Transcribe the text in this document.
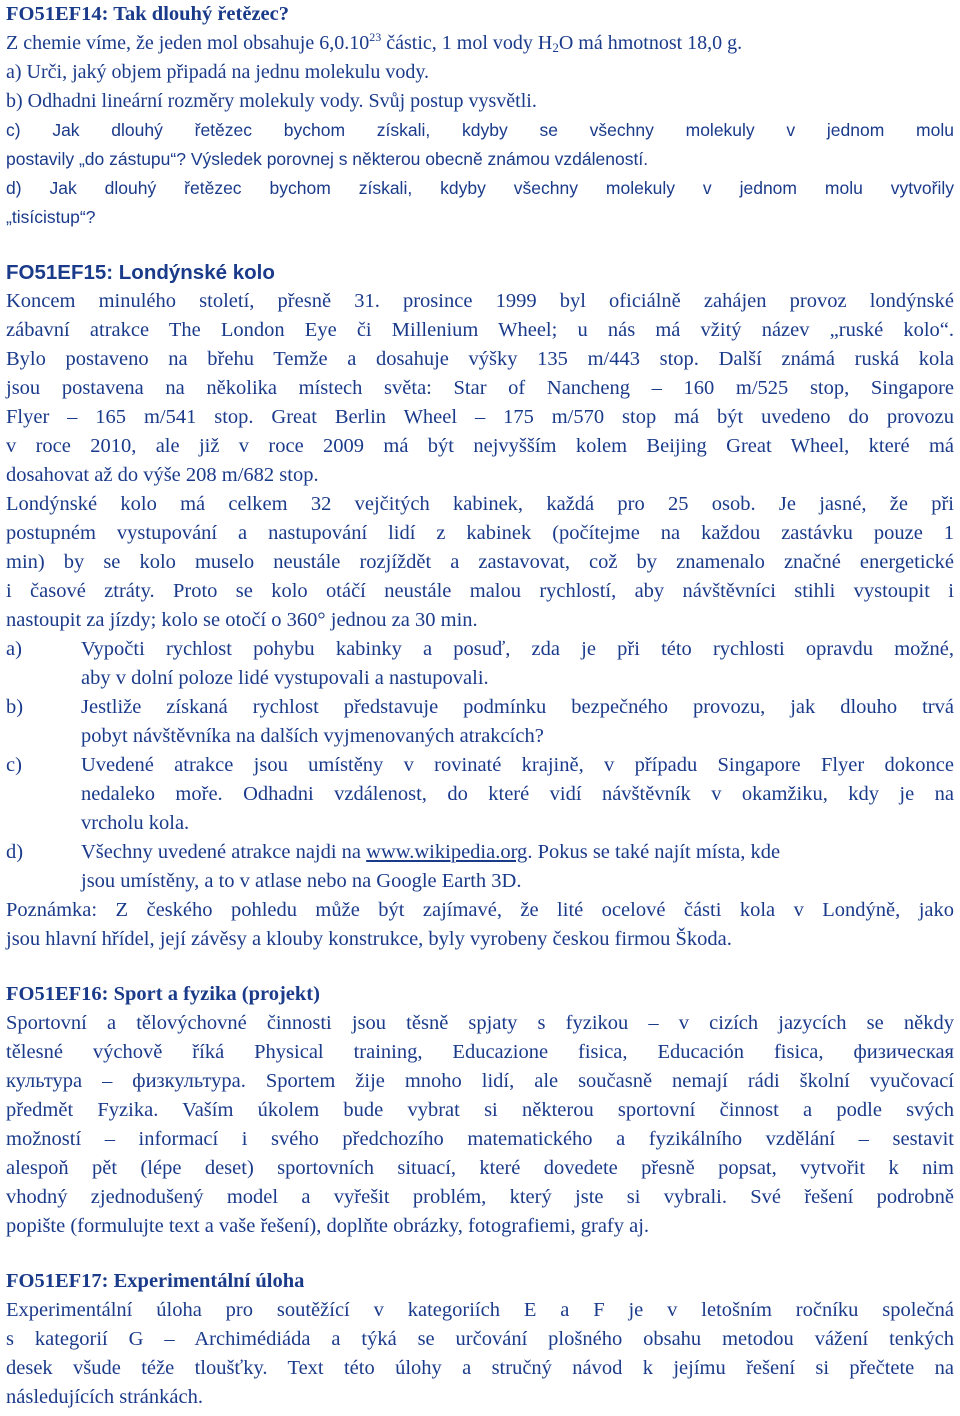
FO51EF14: Tak dlouhý řetězec?
Z chemie víme, že jeden mol obsahuje 6,0.10$^{23}$ částic, 1 mol vody $H_2O$ má hmotnost 18,0 g.
a) Urči, jaký objem připadá na jednu molekulu vody.
b) Odhadni lineární rozměry molekuly vody. Svůj postup vysvětli.
c) Jak dlouhý řetězec bychom získali, kdyby se všechny molekuly v jednom molu
postavily „do zástupu“? Výsledek porovnej s některou obecně známou vzdáleností.
d) Jak dlouhý řetězec bychom získali, kdyby všechny molekuly v jednom molu vytvořily
„tisícistup“?
FO51EF15: Londýnské kolo
Koncem minulého století, přesně 31. prosince 1999 byl oficiálně zahájen provoz londýnské
zábavní atrakce The London Eye či Millenium Wheel; u nás má vžitý název „ruské kolo“.
Bylo postaveno na břehu Temže a dosahuje výšky 135 m/443 stop. Další známá ruská kola
jsou postavena na několika místech světa: Star of Nancheng – 160 m/525 stop, Singapore
Flyer – 165 m/541 stop. Great Berlin Wheel – 175 m/570 stop má být uvedeno do provozu
v roce 2010, ale již v roce 2009 má být nejvyšším kolem Beijing Great Wheel, které má
dosahovat až do výše 208 m/682 stop.
Londýnské kolo má celkem 32 vejčitých kabinek, každá pro 25 osob. Je jasné, že při
postupném vystupování a nastupování lidí z kabinek (počítejme na každou zastávku pouze 1
min) by se kolo muselo neustále rozjíždět a zastavovat, což by znamenalo značné energetické
i časové ztráty. Proto se kolo otáčí neustále malou rychlostí, aby návštěvníci stihli vystoupit i
nastoupit za jízdy; kolo se otočí o 360° jednou za 30 min.
a)	Vypočti rychlost pohybu kabinky a posuď, zda je při této rychlosti opravdu možné,
aby v dolní poloze lidé vystupovali a nastupovali.
b)	Jestliže získaná rychlost představuje podmínku bezpečného provozu, jak dlouho trvá
pobyt návštěvníka na dalších vyjmenovaných atrakcích?
c)	Uvedené atrakce jsou umístěny v rovinaté krajině, v případu Singapore Flyer dokonce
nedaleko moře. Odhadni vzdálenost, do které vidí návštěvník v okamžiku, kdy je na
vrcholu kola.
d)	Všechny uvedené atrakce najdi na www.wikipedia.org. Pokus se také najít místa, kde
jsou umístěny, a to v atlase nebo na Google Earth 3D.
Poznámka: Z českého pohledu může být zajímavé, že lité ocelové části kola v Londýně, jako
jsou hlavní hřídel, její závěsy a klouby konstrukce, byly vyrobeny českou firmou Škoda.
FO51EF16: Sport a fyzika (projekt)
Sportovní a tělovýchovné činnosti jsou těsně spjaty s fyzikou – v cizích jazycích se někdy
tělesné výchově říká Physical training, Educazione fisica, Educación fisica, физическая
культура – физкультура. Sportem žije mnoho lidí, ale současně nemají rádi školní vyučovací
předmět Fyzika. Vaším úkolem bude vybrat si některou sportovní činnost a podle svých
možností – informací i svého předchozího matematického a fyzikálního vzdělání – sestavit
alespoň pět (lépe deset) sportovních situací, které dovedete přesně popsat, vytvořit k nim
vhodný zjednodušený model a vyřešit problém, který jste si vybrali. Své řešení podrobně
popište (formulujte text a vaše řešení), doplňte obrázky, fotografiemi, grafy aj.
FO51EF17: Experimentální úloha
Experimentální úloha pro soutěžící v kategoriích E a F je v letošním ročníku společná
s kategorií G – Archimédiáda a týká se určování plošného obsahu metodou vážení tenkých
desek všude téže tloušťky. Text této úlohy a stručný návod k jejímu řešení si přečtete na
následujících stránkách.
